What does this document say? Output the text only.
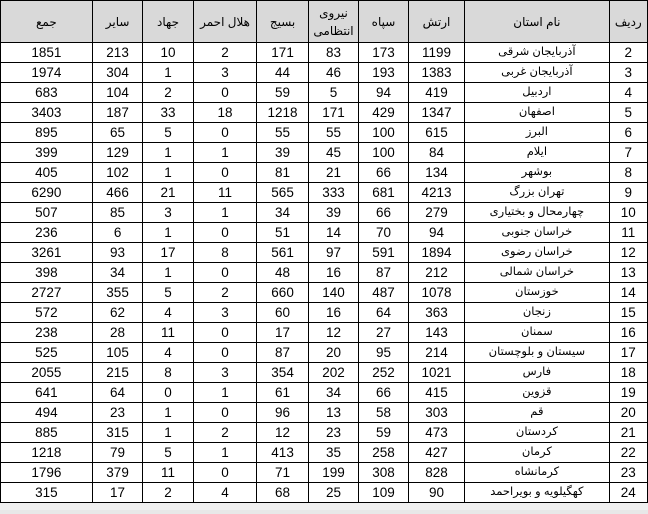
جمع	سایر	جهاد	هلال احمر	بسیج	نیروی انتظامی	سپاه	ارتش	نام استان	ردیف
1851	213	10	2	171	83	173	1199	آذربایجان شرقی	2
1974	304	1	3	44	46	193	1383	آذربایجان غربی	3
683	104	2	0	59	5	94	419	اردبیل	4
3403	187	33	18	1218	171	429	1347	اصفهان	5
895	65	5	0	55	55	100	615	البرز	6
399	129	1	1	39	45	100	84	ایلام	7
405	102	1	0	81	21	66	134	بوشهر	8
6290	466	21	11	565	333	681	4213	تهران بزرگ	9
507	85	3	1	34	39	66	279	چهارمحال و بختیاری	10
236	6	1	0	51	14	70	94	خراسان جنوبی	11
3261	93	17	8	561	97	591	1894	خراسان رضوی	12
398	34	1	0	48	16	87	212	خراسان شمالی	13
2727	355	5	2	660	140	487	1078	خوزستان	14
572	62	4	3	60	16	64	363	زنجان	15
238	28	11	0	17	12	27	143	سمنان	16
525	105	4	0	87	20	95	214	سیستان و بلوچستان	17
2055	215	8	3	354	202	252	1021	فارس	18
641	64	0	1	61	34	66	415	قزوین	19
494	23	1	0	96	13	58	303	قم	20
885	315	1	2	12	23	59	473	کردستان	21
1218	79	5	1	413	35	258	427	کرمان	22
1796	379	11	0	71	199	308	828	کرمانشاه	23
315	17	2	4	68	25	109	90	کهگیلویه و بویراحمد	24
